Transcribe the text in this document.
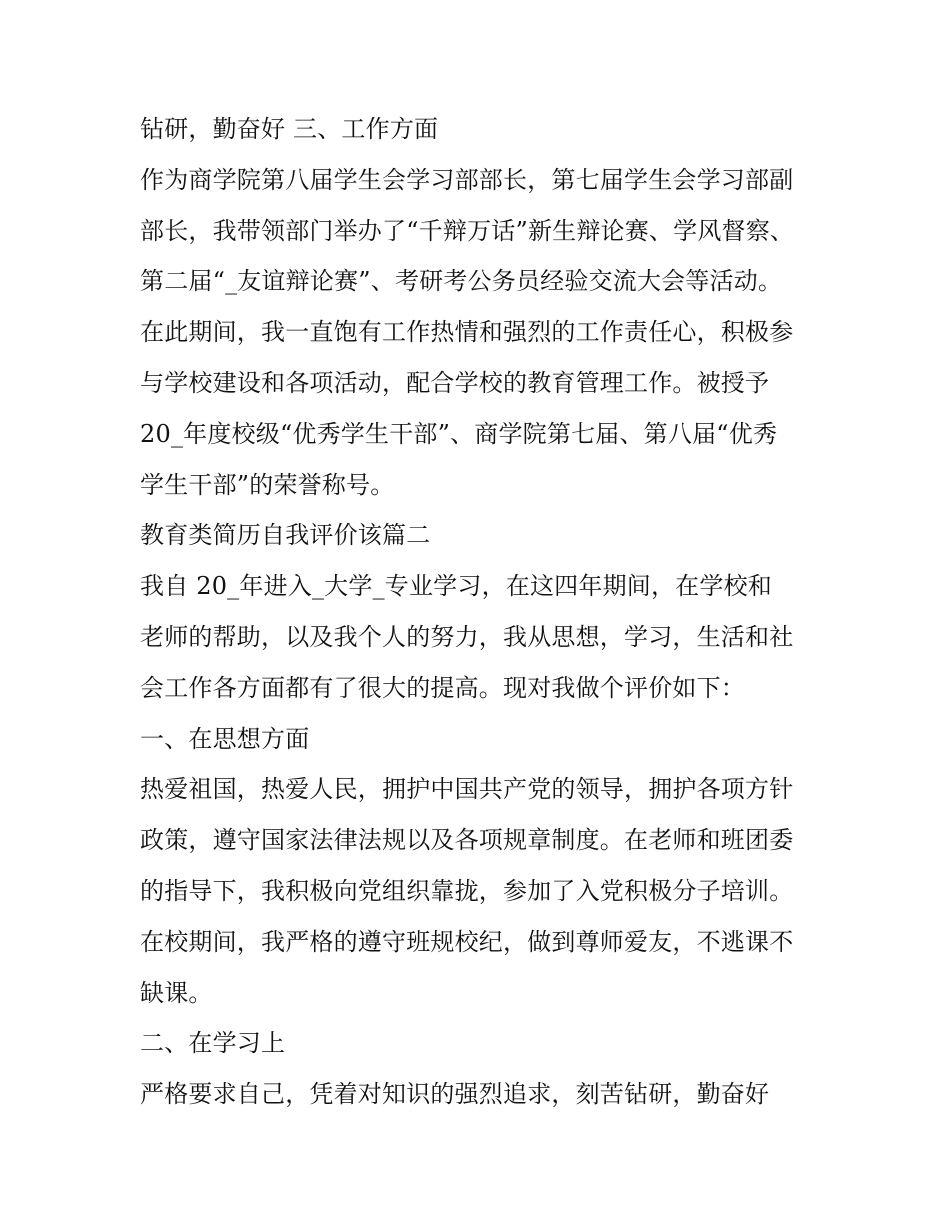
钻研，勤奋好 三、工作方面
作为商学院第八届学生会学习部部长，第七届学生会学习部副
部长，我带领部门举办了“千辩万话”新生辩论赛、学风督察、
第二届“_友谊辩论赛”、考研考公务员经验交流大会等活动。
在此期间，我一直饱有工作热情和强烈的工作责任心，积极参
与学校建设和各项活动，配合学校的教育管理工作。被授予
20_年度校级“优秀学生干部”、商学院第七届、第八届“优秀
学生干部”的荣誉称号。
教育类简历自我评价该篇二
我自 20_年进入_大学_专业学习，在这四年期间，在学校和
老师的帮助，以及我个人的努力，我从思想，学习，生活和社
会工作各方面都有了很大的提高。现对我做个评价如下：
一、在思想方面
热爱祖国，热爱人民，拥护中国共产党的领导，拥护各项方针
政策，遵守国家法律法规以及各项规章制度。在老师和班团委
的指导下，我积极向党组织靠拢，参加了入党积极分子培训。
在校期间，我严格的遵守班规校纪，做到尊师爱友，不逃课不
缺课。
二、在学习上
严格要求自己，凭着对知识的强烈追求，刻苦钻研，勤奋好
